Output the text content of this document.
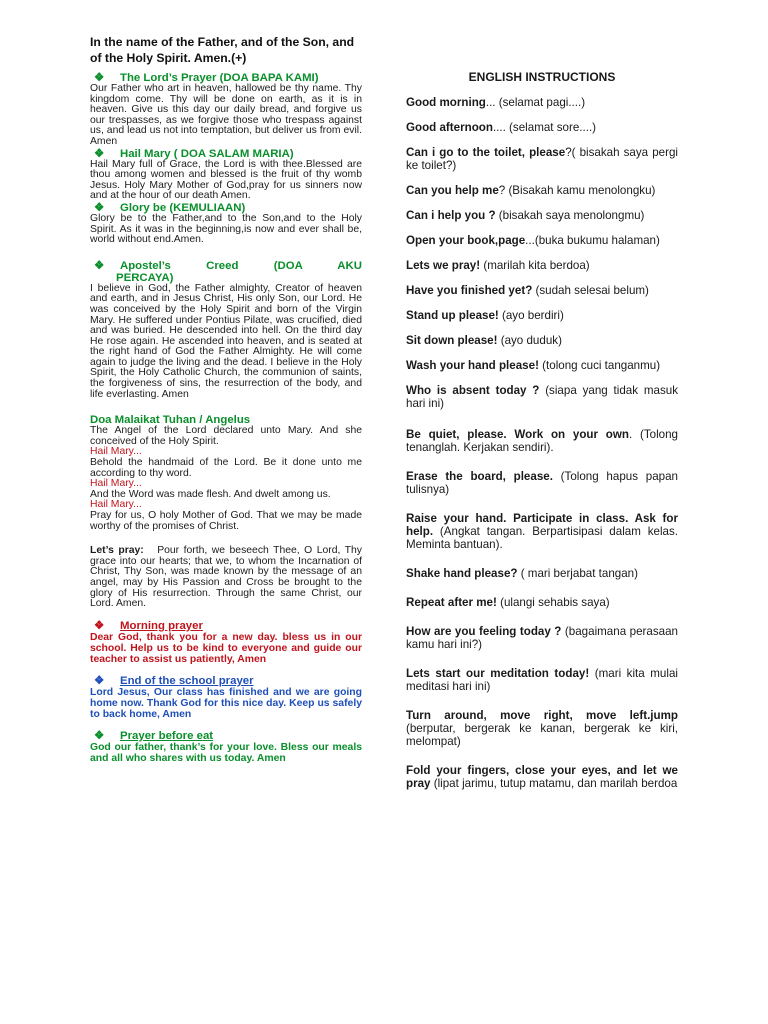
In the name of the Father, and of the Son, and of the Holy Spirit. Amen.(+)

❖ The Lord’s Prayer (DOA BAPA KAMI)

Our Father who art in heaven, hallowed be thy name. Thy kingdom come. Thy will be done on earth, as it is in heaven. Give us this day our daily bread, and forgive us our trespasses, as we forgive those who trespass against us, and lead us not into temptation, but deliver us from evil. Amen

❖ Hail Mary ( DOA SALAM MARIA)

Hail Mary full of Grace, the Lord is with thee.Blessed are thou among women and blessed is the fruit of thy womb Jesus. Holy Mary Mother of God,pray for us sinners now and at the hour of our death Amen.

❖ Glory be (KEMULIAAN)

Glory be to the Father,and to the Son,and to the Holy Spirit. As it was in the beginning,is now and ever shall be, world without end.Amen.

❖ Apostel’s Creed (DOA AKU

PERCAYA)

I believe in God, the Father almighty, Creator of heaven and earth, and in Jesus Christ, His only Son, our Lord. He was conceived by the Holy Spirit and born of the Virgin Mary. He suffered under Pontius Pilate, was crucified, died and was buried. He descended into hell. On the third day He rose again. He ascended into heaven, and is seated at the right hand of God the Father Almighty. He will come again to judge the living and the dead. I believe in the Holy Spirit, the Holy Catholic Church, the communion of saints, the forgiveness of sins, the resurrection of the body, and life everlasting. Amen

Doa Malaikat Tuhan / Angelus

The Angel of the Lord declared unto Mary. And she conceived of the Holy Spirit.

Hail Mary...

Behold the handmaid of the Lord. Be it done unto me according to thy word.

Hail Mary...

And the Word was made flesh. And dwelt among us.

Hail Mary...

Pray for us, O holy Mother of God. That we may be made worthy of the promises of Christ.

Let’s pray: Pour forth, we beseech Thee, O Lord, Thy grace into our hearts; that we, to whom the Incarnation of Christ, Thy Son, was made known by the message of an angel, may by His Passion and Cross be brought to the glory of His resurrection. Through the same Christ, our Lord. Amen.

❖ Morning prayer

Dear God, thank you for a new day. bless us in our school. Help us to be kind to everyone and guide our teacher to assist us patiently, Amen

❖ End of the school prayer

Lord Jesus, Our class has finished and we are going home now. Thank God for this nice day. Keep us safely to back home, Amen

❖ Prayer before eat

God our father, thank’s for your love. Bless our meals and all who shares with us today. Amen

ENGLISH INSTRUCTIONS

Good morning... (selamat pagi....)

Good afternoon.... (selamat sore....)

Can i go to the toilet, please?( bisakah saya pergi ke toilet?)

Can you help me? (Bisakah kamu menolongku)

Can i help you ? (bisakah saya menolongmu)

Open your book,page...(buka bukumu halaman)

Lets we pray! (marilah kita berdoa)

Have you finished yet? (sudah selesai belum)

Stand up please! (ayo berdiri)

Sit down please! (ayo duduk)

Wash your hand please! (tolong cuci tanganmu)

Who is absent today ? (siapa yang tidak masuk hari ini)

Be quiet, please. Work on your own. (Tolong tenanglah. Kerjakan sendiri).

Erase the board, please. (Tolong hapus papan tulisnya)

Raise your hand. Participate in class. Ask for help. (Angkat tangan. Berpartisipasi dalam kelas. Meminta bantuan).

Shake hand please? ( mari berjabat tangan)

Repeat after me! (ulangi sehabis saya)

How are you feeling today ? (bagaimana perasaan kamu hari ini?)

Lets start our meditation today! (mari kita mulai meditasi hari ini)

Turn around, move right, move left.jump (berputar, bergerak ke kanan, bergerak ke kiri, melompat)

Fold your fingers, close your eyes, and let we pray (lipat jarimu, tutup matamu, dan marilah berdoa
